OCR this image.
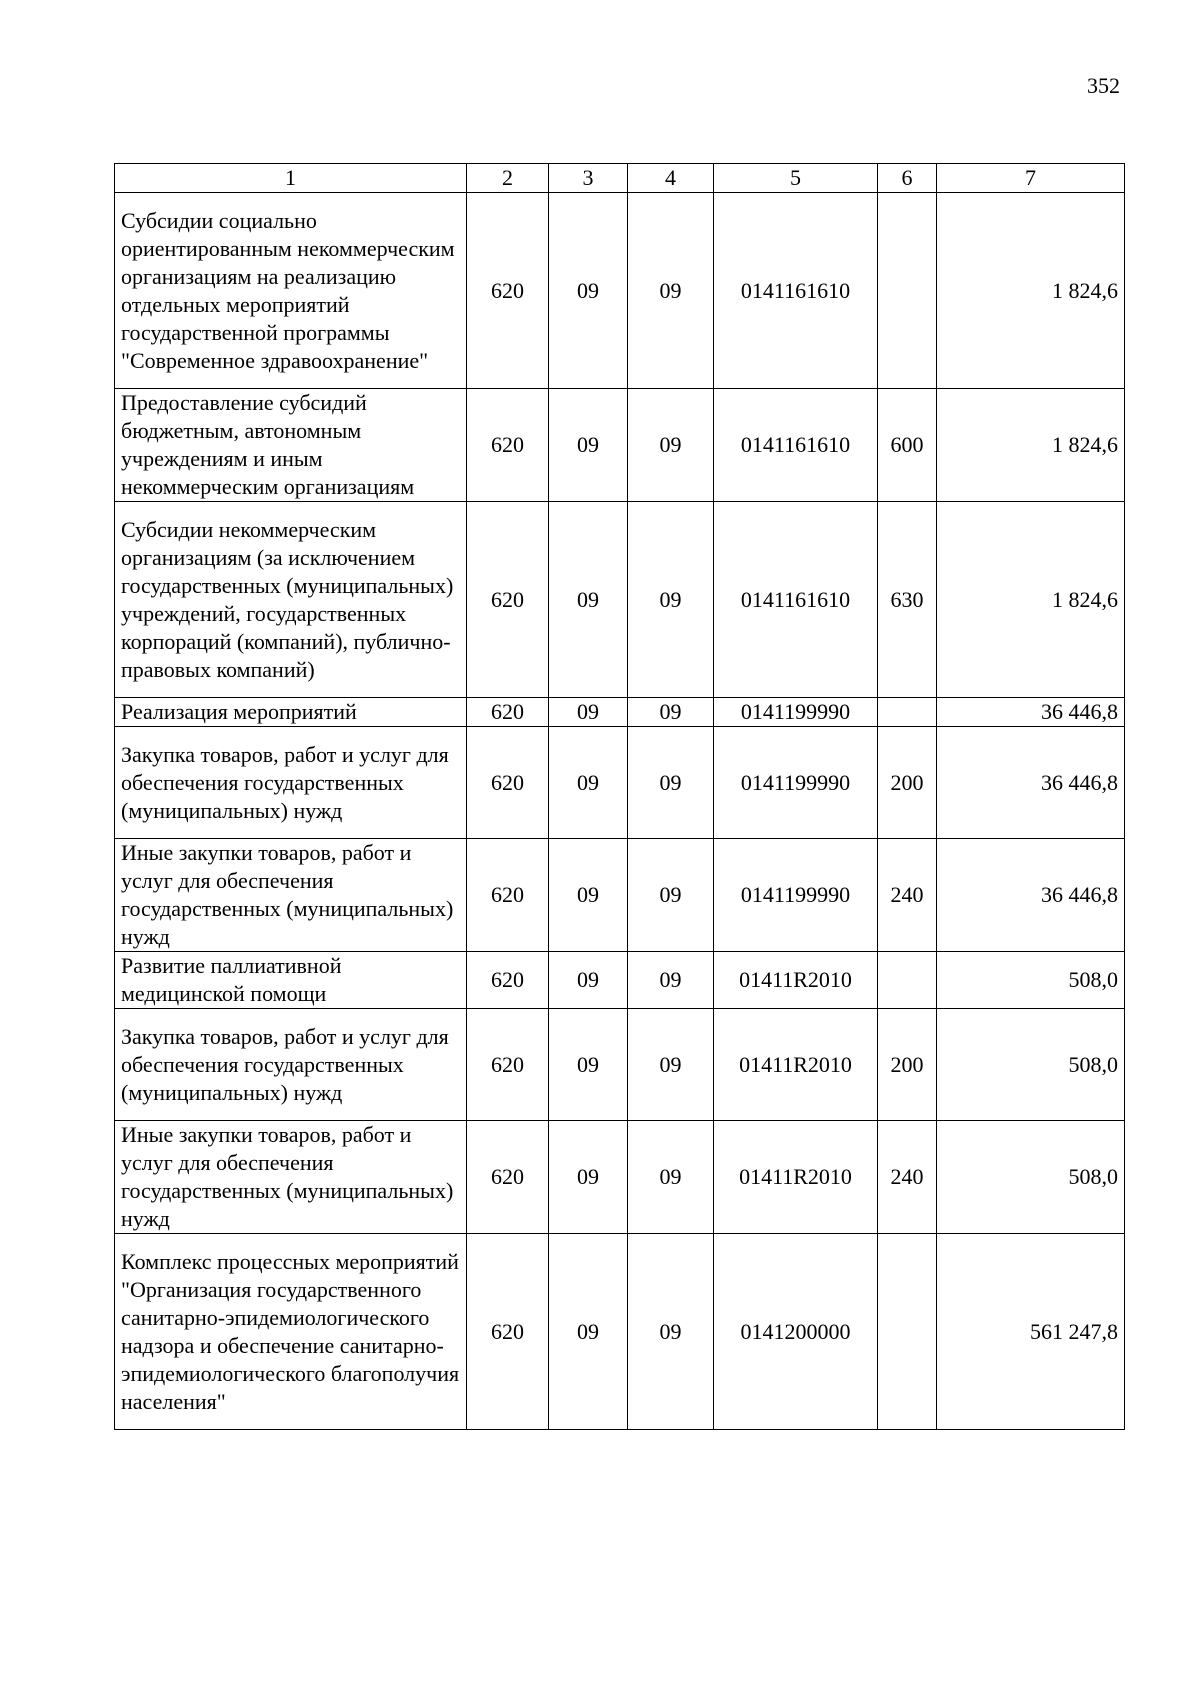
352
1	2	3	4	5	6	7
Субсидии социально ориентированным некоммерческим организациям на реализацию отдельных мероприятий государственной программы "Современное здравоохранение"	620	09	09	0141161610		1 824,6
Предоставление субсидий бюджетным, автономным учреждениям и иным некоммерческим организациям	620	09	09	0141161610	600	1 824,6
Субсидии некоммерческим организациям (за исключением государственных (муниципальных) учреждений, государственных корпораций (компаний), публично-правовых компаний)	620	09	09	0141161610	630	1 824,6
Реализация мероприятий	620	09	09	0141199990		36 446,8
Закупка товаров, работ и услуг для обеспечения государственных (муниципальных) нужд	620	09	09	0141199990	200	36 446,8
Иные закупки товаров, работ и услуг для обеспечения государственных (муниципальных) нужд	620	09	09	0141199990	240	36 446,8
Развитие паллиативной медицинской помощи	620	09	09	01411R2010		508,0
Закупка товаров, работ и услуг для обеспечения государственных (муниципальных) нужд	620	09	09	01411R2010	200	508,0
Иные закупки товаров, работ и услуг для обеспечения государственных (муниципальных) нужд	620	09	09	01411R2010	240	508,0
Комплекс процессных мероприятий "Организация государственного санитарно-эпидемиологического надзора и обеспечение санитарно-эпидемиологического благополучия населения"	620	09	09	0141200000		561 247,8
